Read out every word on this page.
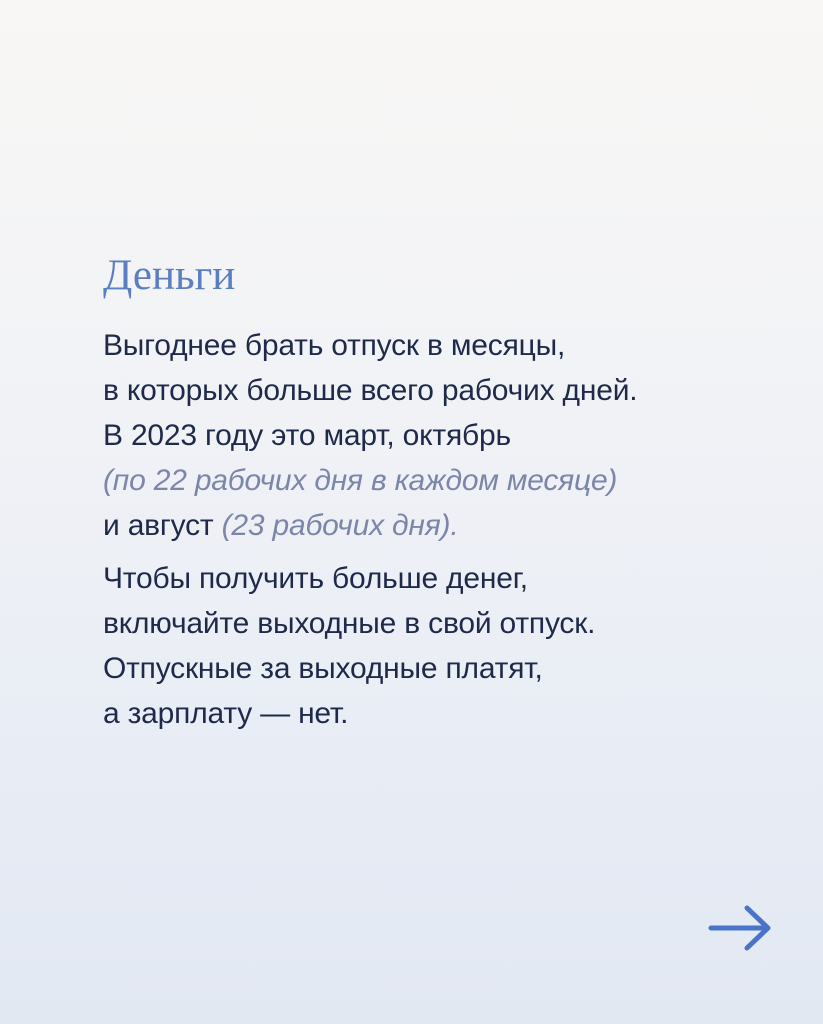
Деньги

Выгоднее брать отпуск в месяцы,
в которых больше всего рабочих дней.
В 2023 году это март, октябрь
(по 22 рабочих дня в каждом месяце)
и август (23 рабочих дня).

Чтобы получить больше денег,
включайте выходные в свой отпуск.
Отпускные за выходные платят,
а зарплату — нет.
